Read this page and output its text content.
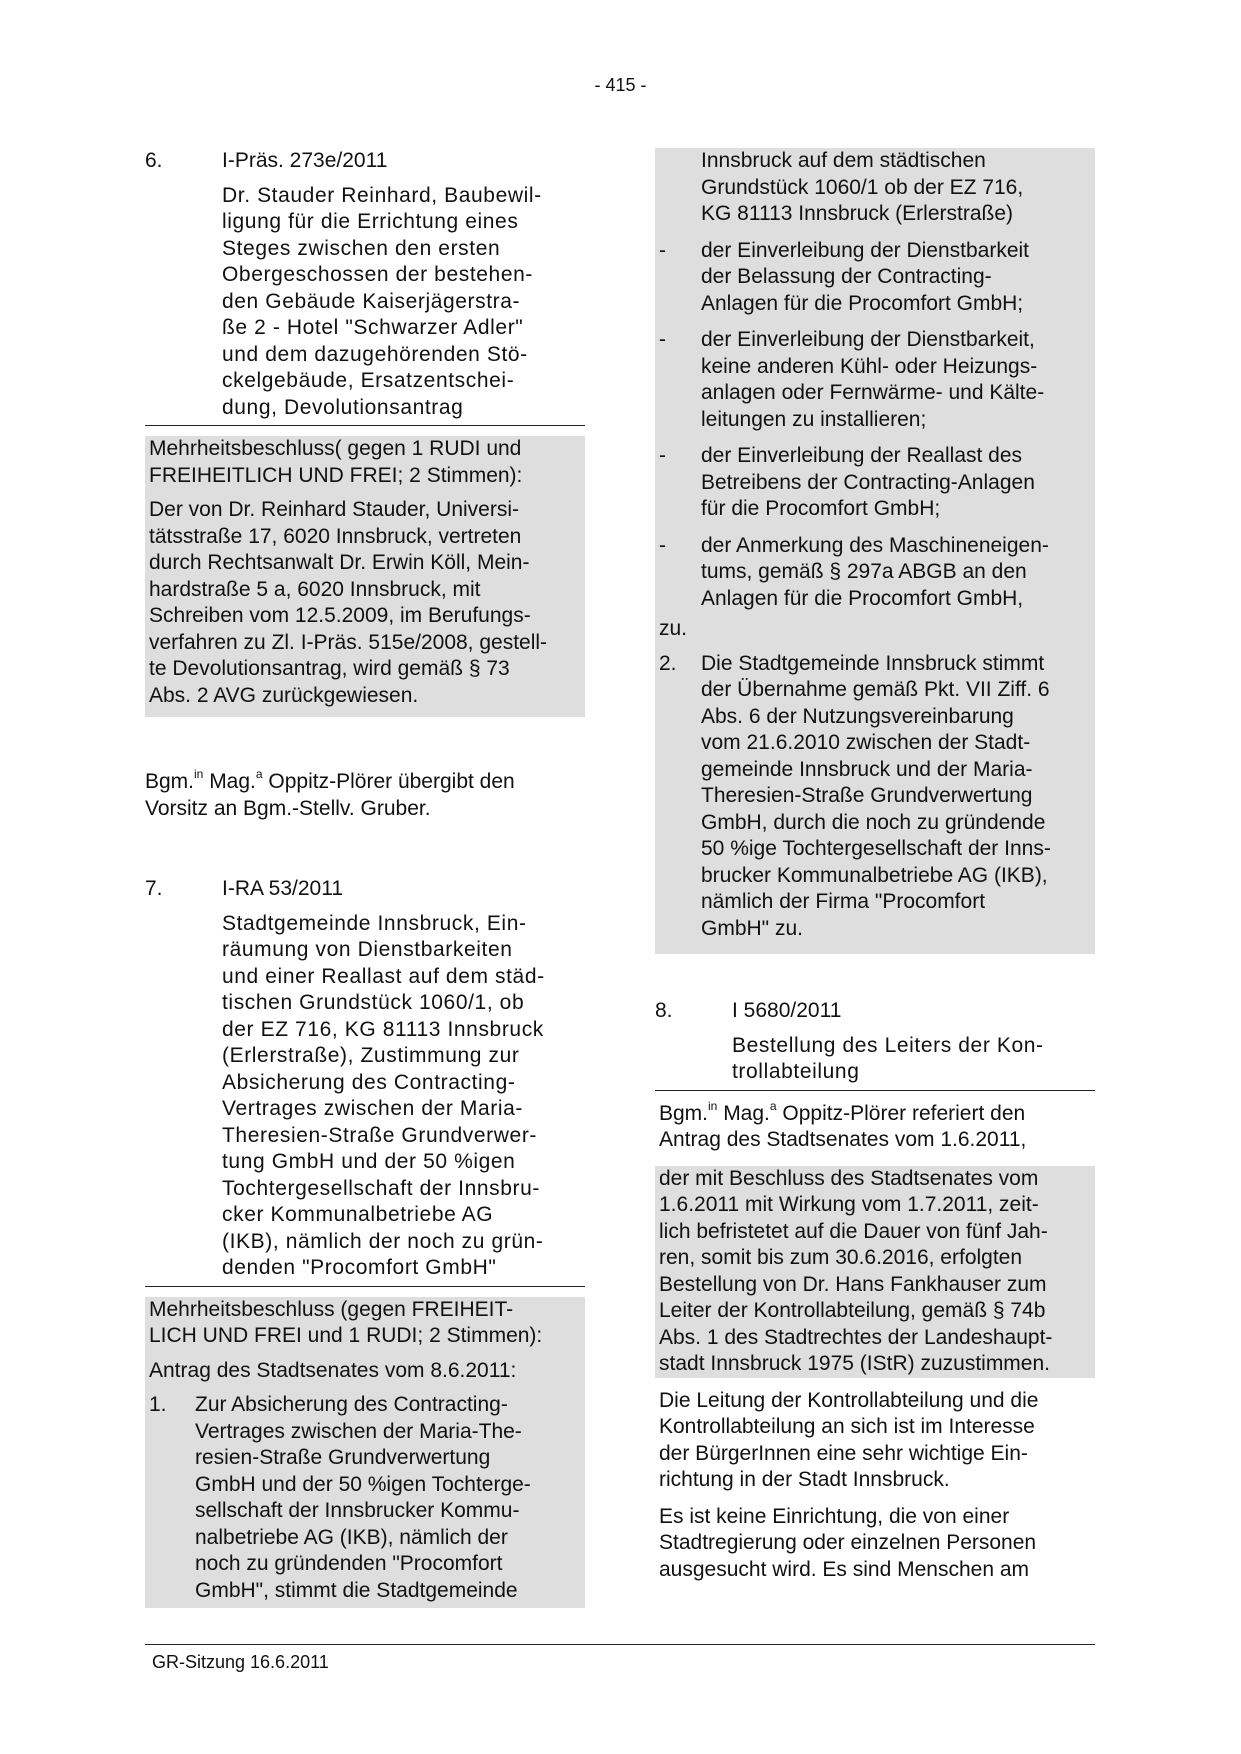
- 415 -
6.	I-Präs. 273e/2011

Dr. Stauder Reinhard, Baubewil-

ligung für die Errichtung eines

Steges zwischen den ersten

Obergeschossen der bestehen-

den Gebäude Kaiserjägerstra-

ße 2 - Hotel "Schwarzer Adler"

und dem dazugehörenden Stö-

ckelgebäude, Ersatzentschei-

dung, Devolutionsantrag

Mehrheitsbeschluss( gegen 1 RUDI und

FREIHEITLICH UND FREI; 2 Stimmen):

Der von Dr. Reinhard Stauder, Universi-

tätsstraße 17, 6020 Innsbruck, vertreten

durch Rechtsanwalt Dr. Erwin Köll, Mein-

hardstraße 5 a, 6020 Innsbruck, mit

Schreiben vom 12.5.2009, im Berufungs-

verfahren zu Zl. I-Präs. 515e/2008, gestell-

te Devolutionsantrag, wird gemäß § 73

Abs. 2 AVG zurückgewiesen.

Bgm.$^{in}$ Mag.$^a$ Oppitz-Plörer übergibt den

Vorsitz an Bgm.-Stellv. Gruber.

7.	I-RA 53/2011

Stadtgemeinde Innsbruck, Ein-

räumung von Dienstbarkeiten

und einer Reallast auf dem städ-

tischen Grundstück 1060/1, ob

der EZ 716, KG 81113 Innsbruck

(Erlerstraße), Zustimmung zur

Absicherung des Contracting-

Vertrages zwischen der Maria-

Theresien-Straße Grundverwer-

tung GmbH und der 50 %igen

Tochtergesellschaft der Innsbru-

cker Kommunalbetriebe AG

(IKB), nämlich der noch zu grün-

denden "Procomfort GmbH"

Mehrheitsbeschluss (gegen FREIHEIT-

LICH UND FREI und 1 RUDI; 2 Stimmen):

Antrag des Stadtsenates vom 8.6.2011:
1.	Zur Absicherung des Contracting-

Vertrages zwischen der Maria-The-

resien-Straße Grundverwertung

GmbH und der 50 %igen Tochterge-

sellschaft der Innsbrucker Kommu-

nalbetriebe AG (IKB), nämlich der

noch zu gründenden "Procomfort

GmbH", stimmt die Stadtgemeinde

Innsbruck auf dem städtischen

Grundstück 1060/1 ob der EZ 716,

KG 81113 Innsbruck (Erlerstraße)

-	der Einverleibung der Dienstbarkeit

der Belassung der Contracting-

Anlagen für die Procomfort GmbH;

-	der Einverleibung der Dienstbarkeit,

keine anderen Kühl- oder Heizungs-

anlagen oder Fernwärme- und Kälte-

leitungen zu installieren;

-	der Einverleibung der Reallast des

Betreibens der Contracting-Anlagen

für die Procomfort GmbH;

-	der Anmerkung des Maschineneigen-

tums, gemäß § 297a ABGB an den

Anlagen für die Procomfort GmbH,

zu.

2.	Die Stadtgemeinde Innsbruck stimmt

der Übernahme gemäß Pkt. VII Ziff. 6

Abs. 6 der Nutzungsvereinbarung

vom 21.6.2010 zwischen der Stadt-

gemeinde Innsbruck und der Maria-

Theresien-Straße Grundverwertung

GmbH, durch die noch zu gründende

50 %ige Tochtergesellschaft der Inns-

brucker Kommunalbetriebe AG (IKB),

nämlich der Firma "Procomfort

GmbH" zu.

8.	I 5680/2011

Bestellung des Leiters der Kon-

trollabteilung

Bgm.$^{in}$ Mag.$^a$ Oppitz-Plörer referiert den

Antrag des Stadtsenates vom 1.6.2011,

der mit Beschluss des Stadtsenates vom

1.6.2011 mit Wirkung vom 1.7.2011, zeit-

lich befristetet auf die Dauer von fünf Jah-

ren, somit bis zum 30.6.2016, erfolgten

Bestellung von Dr. Hans Fankhauser zum

Leiter der Kontrollabteilung, gemäß § 74b

Abs. 1 des Stadtrechtes der Landeshaupt-

stadt Innsbruck 1975 (IStR) zuzustimmen.

Die Leitung der Kontrollabteilung und die

Kontrollabteilung an sich ist im Interesse

der BürgerInnen eine sehr wichtige Ein-

richtung in der Stadt Innsbruck.

Es ist keine Einrichtung, die von einer

Stadtregierung oder einzelnen Personen

ausgesucht wird. Es sind Menschen am

GR-Sitzung 16.6.2011
